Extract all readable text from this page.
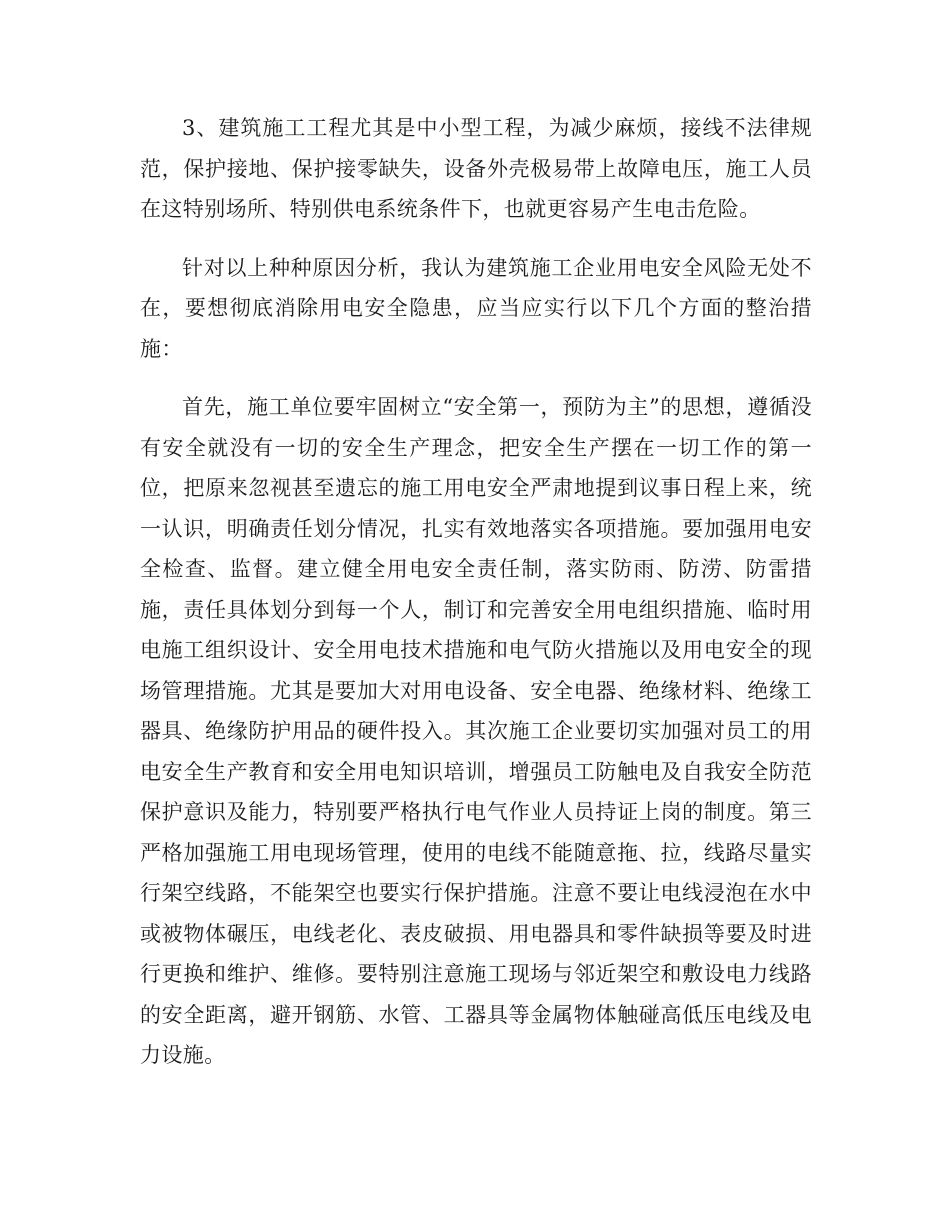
3、建筑施工工程尤其是中小型工程，为减少麻烦，接线不法律规范，保护接地、保护接零缺失，设备外壳极易带上故障电压，施工人员在这特别场所、特别供电系统条件下，也就更容易产生电击危险。

针对以上种种原因分析，我认为建筑施工企业用电安全风险无处不在，要想彻底消除用电安全隐患，应当应实行以下几个方面的整治措施：

首先，施工单位要牢固树立“安全第一，预防为主”的思想，遵循没有安全就没有一切的安全生产理念，把安全生产摆在一切工作的第一位，把原来忽视甚至遗忘的施工用电安全严肃地提到议事日程上来，统一认识，明确责任划分情况，扎实有效地落实各项措施。要加强用电安全检查、监督。建立健全用电安全责任制，落实防雨、防涝、防雷措施，责任具体划分到每一个人，制订和完善安全用电组织措施、临时用电施工组织设计、安全用电技术措施和电气防火措施以及用电安全的现场管理措施。尤其是要加大对用电设备、安全电器、绝缘材料、绝缘工器具、绝缘防护用品的硬件投入。其次施工企业要切实加强对员工的用电安全生产教育和安全用电知识培训，增强员工防触电及自我安全防范保护意识及能力，特别要严格执行电气作业人员持证上岗的制度。第三严格加强施工用电现场管理，使用的电线不能随意拖、拉，线路尽量实行架空线路，不能架空也要实行保护措施。注意不要让电线浸泡在水中或被物体碾压，电线老化、表皮破损、用电器具和零件缺损等要及时进行更换和维护、维修。要特别注意施工现场与邻近架空和敷设电力线路的安全距离，避开钢筋、水管、工器具等金属物体触碰高低压电线及电力设施。
